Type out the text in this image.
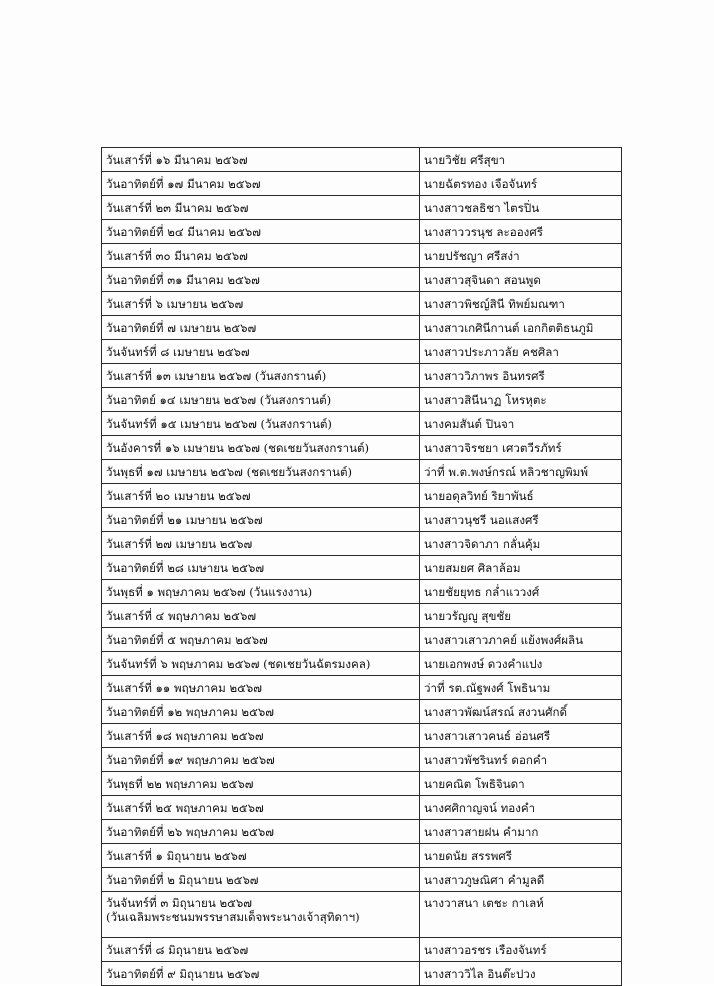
วันเสาร์ที่ ๑๖ มีนาคม ๒๕๖๗	นายวิชัย ศรีสุขา

วันอาทิตย์ที่ ๑๗ มีนาคม ๒๕๖๗	นายฉัตรทอง เจือจันทร์

วันเสาร์ที่ ๒๓ มีนาคม ๒๕๖๗	นางสาวชลธิชา ไตรปิ่น

วันอาทิตย์ที่ ๒๔ มีนาคม ๒๕๖๗	นางสาววรนุช ละอองศรี

วันเสาร์ที่ ๓๐ มีนาคม ๒๕๖๗	นายปรัชญา ศรีสง่า

วันอาทิตย์ที่ ๓๑ มีนาคม ๒๕๖๗	นางสาวสุจินดา สอนพูด

วันเสาร์ที่ ๖ เมษายน ๒๕๖๗	นางสาวพิชญ์สินี ทิพย์มณฑา

วันอาทิตย์ที่ ๗ เมษายน ๒๕๖๗	นางสาวเกศินีกานต์ เอกกิตติธนภูมิ

วันจันทร์ที่ ๘ เมษายน ๒๕๖๗	นางสาวประภาวลัย คชศิลา

วันเสาร์ที่ ๑๓ เมษายน ๒๕๖๗ (วันสงกรานต์)	นางสาววิภาพร อินทรศรี

วันอาทิตย์ ๑๔ เมษายน ๒๕๖๗ (วันสงกรานต์)	นางสาวสินีนาฏ โหรหุตะ

วันจันทร์ที่ ๑๕ เมษายน ๒๕๖๗ (วันสงกรานต์)	นางคมสันต์ ปินจา

วันอังคารที่ ๑๖ เมษายน ๒๕๖๗ (ชดเชยวันสงกรานต์)	นางสาวจิรชยา เศวตวีรภัทร์

วันพุธที่ ๑๗ เมษายน ๒๕๖๗ (ชดเชยวันสงกรานต์)	ว่าที่ พ.ต.พงษ์กรณ์ หลิวชาญพิมพ์

วันเสาร์ที่ ๒๐ เมษายน ๒๕๖๗	นายอดุลวิทย์ ริยาพันธ์

วันอาทิตย์ที่ ๒๑ เมษายน ๒๕๖๗	นางสาวนุชรี นอแสงศรี

วันเสาร์ที่ ๒๗ เมษายน ๒๕๖๗	นางสาวจิดาภา กลั่นคุ้ม

วันอาทิตย์ที่ ๒๘ เมษายน ๒๕๖๗	นายสมยศ ศิลาล้อม

วันพุธที่ ๑ พฤษภาคม ๒๕๖๗ (วันแรงงาน)	นายชัยยุทธ กล่ำแววงศ์

วันเสาร์ที่ ๔ พฤษภาคม ๒๕๖๗	นายวรัญญู สุขชัย

วันอาทิตย์ที่ ๕ พฤษภาคม ๒๕๖๗	นางสาวเสาวภาคย์ แย้งพงศ์ผลิน

วันจันทร์ที่ ๖ พฤษภาคม ๒๕๖๗ (ชดเชยวันฉัตรมงคล)	นายเอกพงษ์ ดวงคำแปง

วันเสาร์ที่ ๑๑ พฤษภาคม ๒๕๖๗	ว่าที่ รต.ณัฐพงศ์ โพธินาม

วันอาทิตย์ที่ ๑๒ พฤษภาคม ๒๕๖๗	นางสาวพัฒน์สรณ์ สงวนศักดิ์

วันเสาร์ที่ ๑๘ พฤษภาคม ๒๕๖๗	นางสาวเสาวคนธ์ อ่อนศรี

วันอาทิตย์ที่ ๑๙ พฤษภาคม ๒๕๖๗	นางสาวพัชรินทร์ ดอกคำ

วันพุธที่ ๒๒ พฤษภาคม ๒๕๖๗	นายคณิต โพธิจินดา

วันเสาร์ที่ ๒๕ พฤษภาคม ๒๕๖๗	นางศศิกาญจน์ ทองคำ

วันอาทิตย์ที่ ๒๖ พฤษภาคม ๒๕๖๗	นางสาวสายฝน คำมาก

วันเสาร์ที่ ๑ มิถุนายน ๒๕๖๗	นายดนัย สรรพศรี

วันอาทิตย์ที่ ๒ มิถุนายน ๒๕๖๗	นางสาวภูษณิศา คำมูลดี

วันจันทร์ที่ ๓ มิถุนายน ๒๕๖๗
(วันเฉลิมพระชนมพรรษาสมเด็จพระนางเจ้าสุทิดาฯ)	นางวาสนา เตชะ กาเลห์

วันเสาร์ที่ ๘ มิถุนายน ๒๕๖๗	นางสาวอรชร เรืองจันทร์

วันอาทิตย์ที่ ๙ มิถุนายน ๒๕๖๗	นางสาววิไล อินต๊ะปวง
